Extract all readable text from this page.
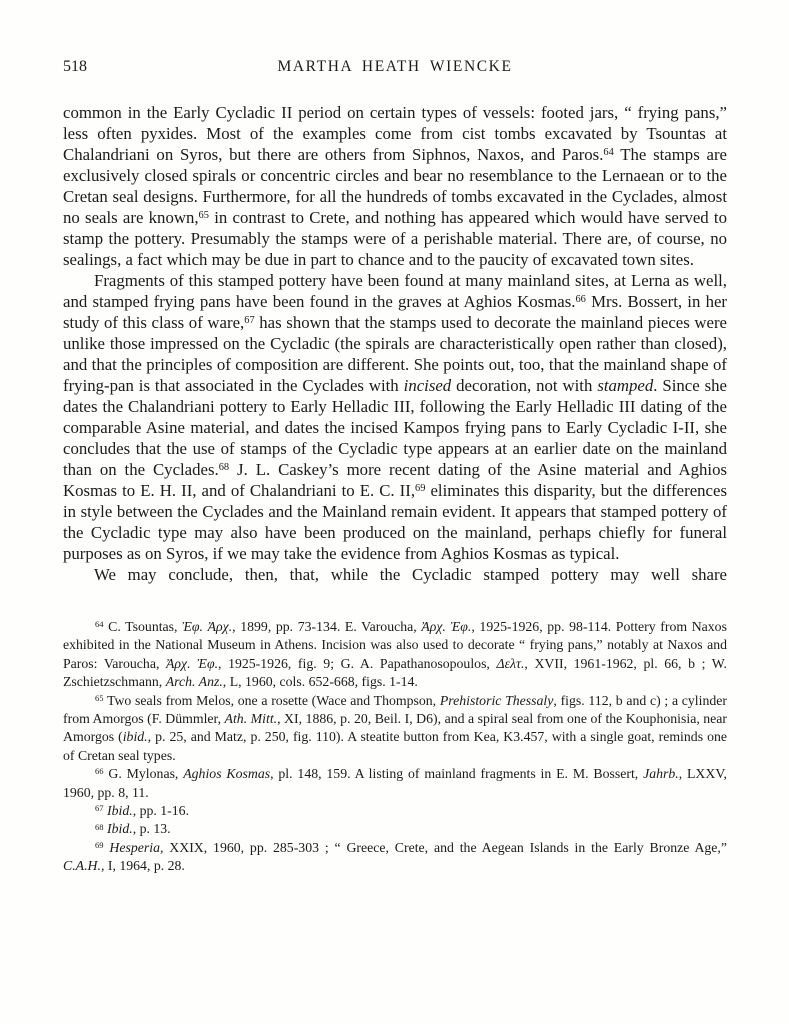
518	MARTHA HEATH WIENCKE

common in the Early Cycladic II period on certain types of vessels: footed jars, “ frying pans,” less often pyxides. Most of the examples come from cist tombs excavated by Tsountas at Chalandriani on Syros, but there are others from Siphnos, Naxos, and Paros.$^{64}$ The stamps are exclusively closed spirals or concentric circles and bear no resemblance to the Lernaean or to the Cretan seal designs. Furthermore, for all the hundreds of tombs excavated in the Cyclades, almost no seals are known,$^{65}$ in contrast to Crete, and nothing has appeared which would have served to stamp the pottery. Presumably the stamps were of a perishable material. There are, of course, no sealings, a fact which may be due in part to chance and to the paucity of excavated town sites.

Fragments of this stamped pottery have been found at many mainland sites, at Lerna as well, and stamped frying pans have been found in the graves at Aghios Kosmas.$^{66}$ Mrs. Bossert, in her study of this class of ware,$^{67}$ has shown that the stamps used to decorate the mainland pieces were unlike those impressed on the Cycladic (the spirals are characteristically open rather than closed), and that the principles of composition are different. She points out, too, that the mainland shape of frying-pan is that associated in the Cyclades with incised decoration, not with stamped. Since she dates the Chalandriani pottery to Early Helladic III, following the Early Helladic III dating of the comparable Asine material, and dates the incised Kampos frying pans to Early Cycladic I-II, she concludes that the use of stamps of the Cycladic type appears at an earlier date on the mainland than on the Cyclades.$^{68}$ J. L. Caskey’s more recent dating of the Asine material and Aghios Kosmas to E. H. II, and of Chalandriani to E. C. II,$^{69}$ eliminates this disparity, but the differences in style between the Cyclades and the Mainland remain evident. It appears that stamped pottery of the Cycladic type may also have been produced on the mainland, perhaps chiefly for funeral purposes as on Syros, if we may take the evidence from Aghios Kosmas as typical.

We may conclude, then, that, while the Cycladic stamped pottery may well share

$^{64}$ C. Tsountas, Ἐφ. Ἀρχ., 1899, pp. 73-134. E. Varoucha, Ἀρχ. Ἐφ., 1925-1926, pp. 98-114. Pottery from Naxos exhibited in the National Museum in Athens. Incision was also used to decorate “ frying pans,” notably at Naxos and Paros: Varoucha, Ἀρχ. Ἐφ., 1925-1926, fig. 9; G. A. Papathanosopoulos, Δελτ., XVII, 1961-1962, pl. 66, b ; W. Zschietzschmann, Arch. Anz., L, 1960, cols. 652-668, figs. 1-14.

$^{65}$ Two seals from Melos, one a rosette (Wace and Thompson, Prehistoric Thessaly, figs. 112, b and c) ; a cylinder from Amorgos (F. Dümmler, Ath. Mitt., XI, 1886, p. 20, Beil. I, D6), and a spiral seal from one of the Kouphonisia, near Amorgos (ibid., p. 25, and Matz, p. 250, fig. 110). A steatite button from Kea, K3.457, with a single goat, reminds one of Cretan seal types.

$^{66}$ G. Mylonas, Aghios Kosmas, pl. 148, 159. A listing of mainland fragments in E. M. Bossert, Jahrb., LXXV, 1960, pp. 8, 11.

$^{67}$ Ibid., pp. 1-16.

$^{68}$ Ibid., p. 13.

$^{69}$ Hesperia, XXIX, 1960, pp. 285-303 ; “ Greece, Crete, and the Aegean Islands in the Early Bronze Age,” C.A.H., I, 1964, p. 28.
